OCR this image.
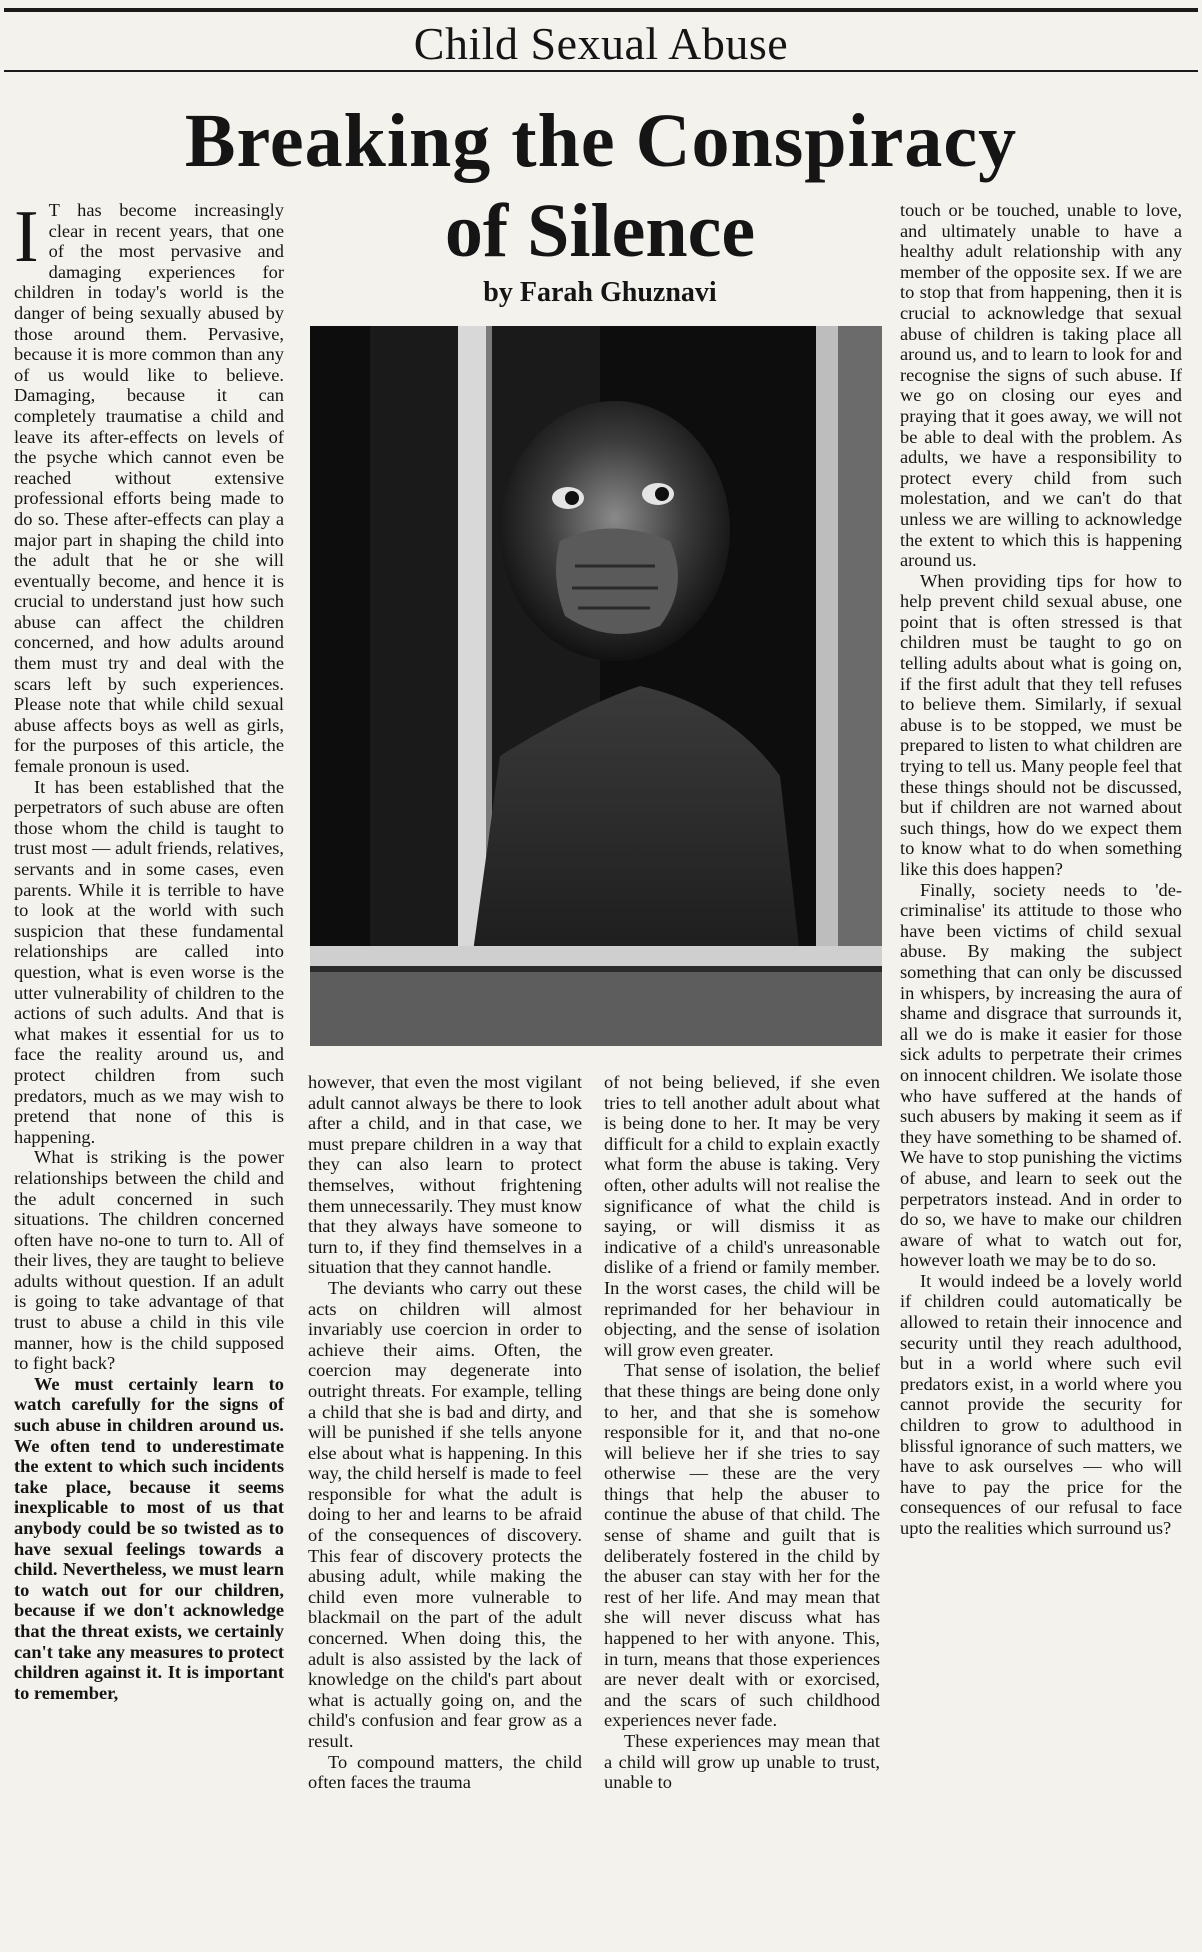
Child Sexual Abuse
Breaking the Conspiracy
of Silence
by Farah Ghuznavi

I T has become increasingly clear in recent years, that one of the most pervasive and damaging experiences for children in today's world is the danger of being sexually abused by those around them. Pervasive, because it is more common than any of us would like to believe. Damaging, because it can completely traumatise a child and leave its after-effects on levels of the psyche which cannot even be reached without extensive professional efforts being made to do so. These after-effects can play a major part in shaping the child into the adult that he or she will eventually become, and hence it is crucial to understand just how such abuse can affect the children concerned, and how adults around them must try and deal with the scars left by such experiences. Please note that while child sexual abuse affects boys as well as girls, for the purposes of this article, the female pronoun is used.

It has been established that the perpetrators of such abuse are often those whom the child is taught to trust most — adult friends, relatives, servants and in some cases, even parents. While it is terrible to have to look at the world with such suspicion that these fundamental relationships are called into question, what is even worse is the utter vulnerability of children to the actions of such adults. And that is what makes it essential for us to face the reality around us, and protect children from such predators, much as we may wish to pretend that none of this is happening.

What is striking is the power relationships between the child and the adult concerned in such situations. The children concerned often have no-one to turn to. All of their lives, they are taught to believe adults without question. If an adult is going to take advantage of that trust to abuse a child in this vile manner, how is the child supposed to fight back?

We must certainly learn to watch carefully for the signs of such abuse in children around us. We often tend to underestimate the extent to which such incidents take place, because it seems inexplicable to most of us that anybody could be so twisted as to have sexual feelings towards a child. Nevertheless, we must learn to watch out for our children, because if we don't acknowledge that the threat exists, we certainly can't take any measures to protect children against it. It is important to remember,

however, that even the most vigilant adult cannot always be there to look after a child, and in that case, we must prepare children in a way that they can also learn to protect themselves, without frightening them unnecessarily. They must know that they always have someone to turn to, if they find themselves in a situation that they cannot handle.

The deviants who carry out these acts on children will almost invariably use coercion in order to achieve their aims. Often, the coercion may degenerate into outright threats. For example, telling a child that she is bad and dirty, and will be punished if she tells anyone else about what is happening. In this way, the child herself is made to feel responsible for what the adult is doing to her and learns to be afraid of the consequences of discovery. This fear of discovery protects the abusing adult, while making the child even more vulnerable to blackmail on the part of the adult concerned. When doing this, the adult is also assisted by the lack of knowledge on the child's part about what is actually going on, and the child's confusion and fear grow as a result.

To compound matters, the child often faces the trauma

of not being believed, if she even tries to tell another adult about what is being done to her. It may be very difficult for a child to explain exactly what form the abuse is taking. Very often, other adults will not realise the significance of what the child is saying, or will dismiss it as indicative of a child's unreasonable dislike of a friend or family member. In the worst cases, the child will be reprimanded for her behaviour in objecting, and the sense of isolation will grow even greater.

That sense of isolation, the belief that these things are being done only to her, and that she is somehow responsible for it, and that no-one will believe her if she tries to say otherwise — these are the very things that help the abuser to continue the abuse of that child. The sense of shame and guilt that is deliberately fostered in the child by the abuser can stay with her for the rest of her life. And may mean that she will never discuss what has happened to her with anyone. This, in turn, means that those experiences are never dealt with or exorcised, and the scars of such childhood experiences never fade.

These experiences may mean that a child will grow up unable to trust, unable to

touch or be touched, unable to love, and ultimately unable to have a healthy adult relationship with any member of the opposite sex. If we are to stop that from happening, then it is crucial to acknowledge that sexual abuse of children is taking place all around us, and to learn to look for and recognise the signs of such abuse. If we go on closing our eyes and praying that it goes away, we will not be able to deal with the problem. As adults, we have a responsibility to protect every child from such molestation, and we can't do that unless we are willing to acknowledge the extent to which this is happening around us.

When providing tips for how to help prevent child sexual abuse, one point that is often stressed is that children must be taught to go on telling adults about what is going on, if the first adult that they tell refuses to believe them. Similarly, if sexual abuse is to be stopped, we must be prepared to listen to what children are trying to tell us. Many people feel that these things should not be discussed, but if children are not warned about such things, how do we expect them to know what to do when something like this does happen?

Finally, society needs to 'de-criminalise' its attitude to those who have been victims of child sexual abuse. By making the subject something that can only be discussed in whispers, by increasing the aura of shame and disgrace that surrounds it, all we do is make it easier for those sick adults to perpetrate their crimes on innocent children. We isolate those who have suffered at the hands of such abusers by making it seem as if they have something to be shamed of. We have to stop punishing the victims of abuse, and learn to seek out the perpetrators instead. And in order to do so, we have to make our children aware of what to watch out for, however loath we may be to do so.

It would indeed be a lovely world if children could automatically be allowed to retain their innocence and security until they reach adulthood, but in a world where such evil predators exist, in a world where you cannot provide the security for children to grow to adulthood in blissful ignorance of such matters, we have to ask ourselves — who will have to pay the price for the consequences of our refusal to face upto the realities which surround us?
